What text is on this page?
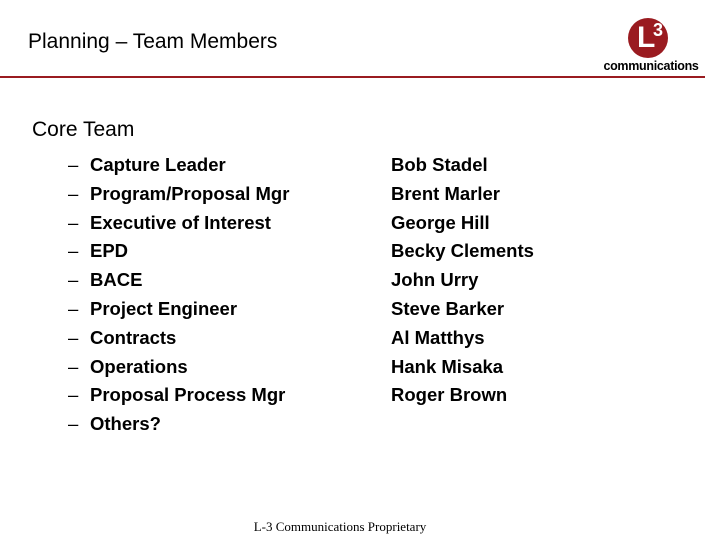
Planning – Team Members	L
3
communications
Core Team
– Capture Leader
– Program/Proposal Mgr
– Executive of Interest
– EPD
– BACE
– Project Engineer
– Contracts
– Operations
– Proposal Process Mgr
– Others?
Bob Stadel
Brent Marler
George Hill
Becky Clements
John Urry
Steve Barker
Al Matthys
Hank Misaka
Roger Brown
L-3 Communications Proprietary
